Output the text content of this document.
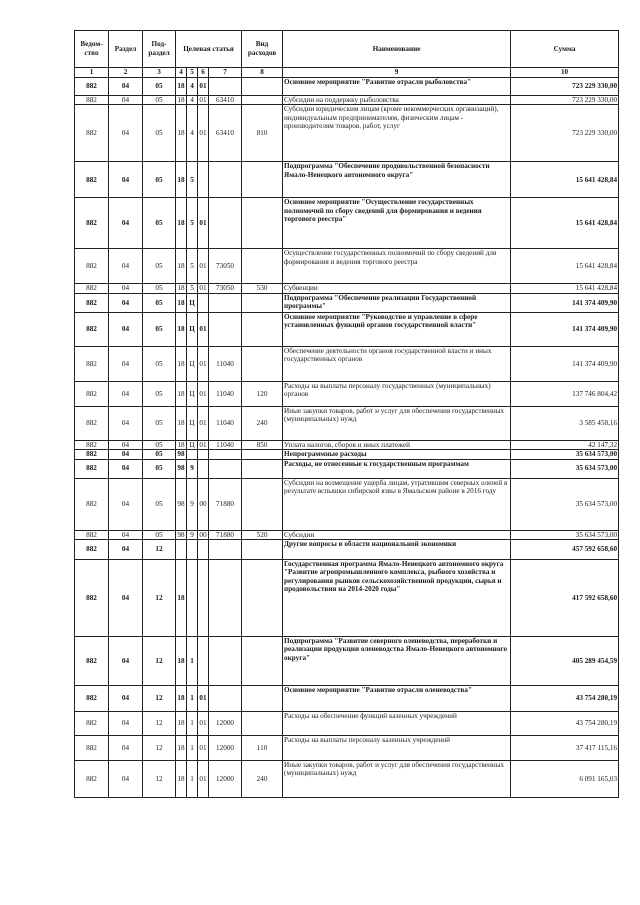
Ведом-ство	Раздел	Под-раздел	Целевая статья				Вид расходов	Наименование	Сумма
1	2	3	4	5	6	7	8	9	10
882	04	05	18	4	01			Основное мероприятие "Развитие отрасли рыболовства"	723 229 330,00
882	04	05	18	4	01	63410		Субсидии на поддержку рыболовства	723 229 330,00
882	04	05	18	4	01	63410	810	Субсидии юридическим лицам (кроме некоммерческих организаций), индивидуальным предпринимателям, физическим лицам - производителям товаров, работ, услуг	723 229 330,00
882	04	05	18	5				Подпрограмма "Обеспечение продовольственной безопасности Ямало-Ненецкого автономного округа"	15 641 428,84
882	04	05	18	5	01			Основное мероприятие "Осуществление государственных полномочий по сбору сведений для формирования и ведения торгового реестра"	15 641 428,84
882	04	05	18	5	01	73050		Осуществление государственных полномочий по сбору сведений для формирования и ведения торгового реестра	15 641 428,84
882	04	05	18	5	01	73050	530	Субвенции	15 641 428,84
882	04	05	18	Ц				Подпрограмма "Обеспечение реализации Государственной программы"	141 374 409,90
882	04	05	18	Ц	01			Основное мероприятие "Руководство и управление в сфере установленных функций органов государственной власти"	141 374 409,90
882	04	05	18	Ц	01	11040		Обеспечение деятельности органов государственной власти и иных государственных органов	141 374 409,90
882	04	05	18	Ц	01	11040	120	Расходы на выплаты персоналу государственных (муниципальных) органов	137 746 804,42
882	04	05	18	Ц	01	11040	240	Иные закупки товаров, работ и услуг для обеспечения государственных (муниципальных) нужд	3 585 458,16
882	04	05	18	Ц	01	11040	850	Уплата налогов, сборов и иных платежей	42 147,32
882	04	05	98					Непрограммные расходы	35 634 573,00
882	04	05	98	9				Расходы, не отнесенные к государственным программам	35 634 573,00
882	04	05	98	9	00	71880		Субсидии на возмещение ущерба лицам, утратившим северных оленей в результате вспышки сибирской язвы в Ямальском районе в 2016 году	35 634 573,00
882	04	05	98	9	00	71880	520	Субсидии	35 634 573,00
882	04	12						Другие вопросы в области национальной экономики	457 592 658,60
882	04	12	18					Государственная программа Ямало-Ненецкого автономного округа "Развитие агропромышленного комплекса, рыбного хозяйства и регулирования рынков сельскохозяйственной продукции, сырья и продовольствия на 2014-2020 годы"	417 592 658,60
882	04	12	18	1				Подпрограмма "Развитие северного оленеводства, переработки и реализации продукции оленеводства Ямало-Ненецкого автономного округа"	405 289 454,59
882	04	12	18	1	01			Основное мероприятие "Развитие отрасли оленеводства"	43 754 280,19
882	04	12	18	1	01	12000		Расходы на обеспечение функций казенных учреждений	43 754 280,19
882	04	12	18	1	01	12000	110	Расходы на выплаты персоналу казенных учреждений	37 417 115,16
882	04	12	18	1	01	12000	240	Иные закупки товаров, работ и услуг для обеспечения государственных (муниципальных) нужд	6 091 165,03
